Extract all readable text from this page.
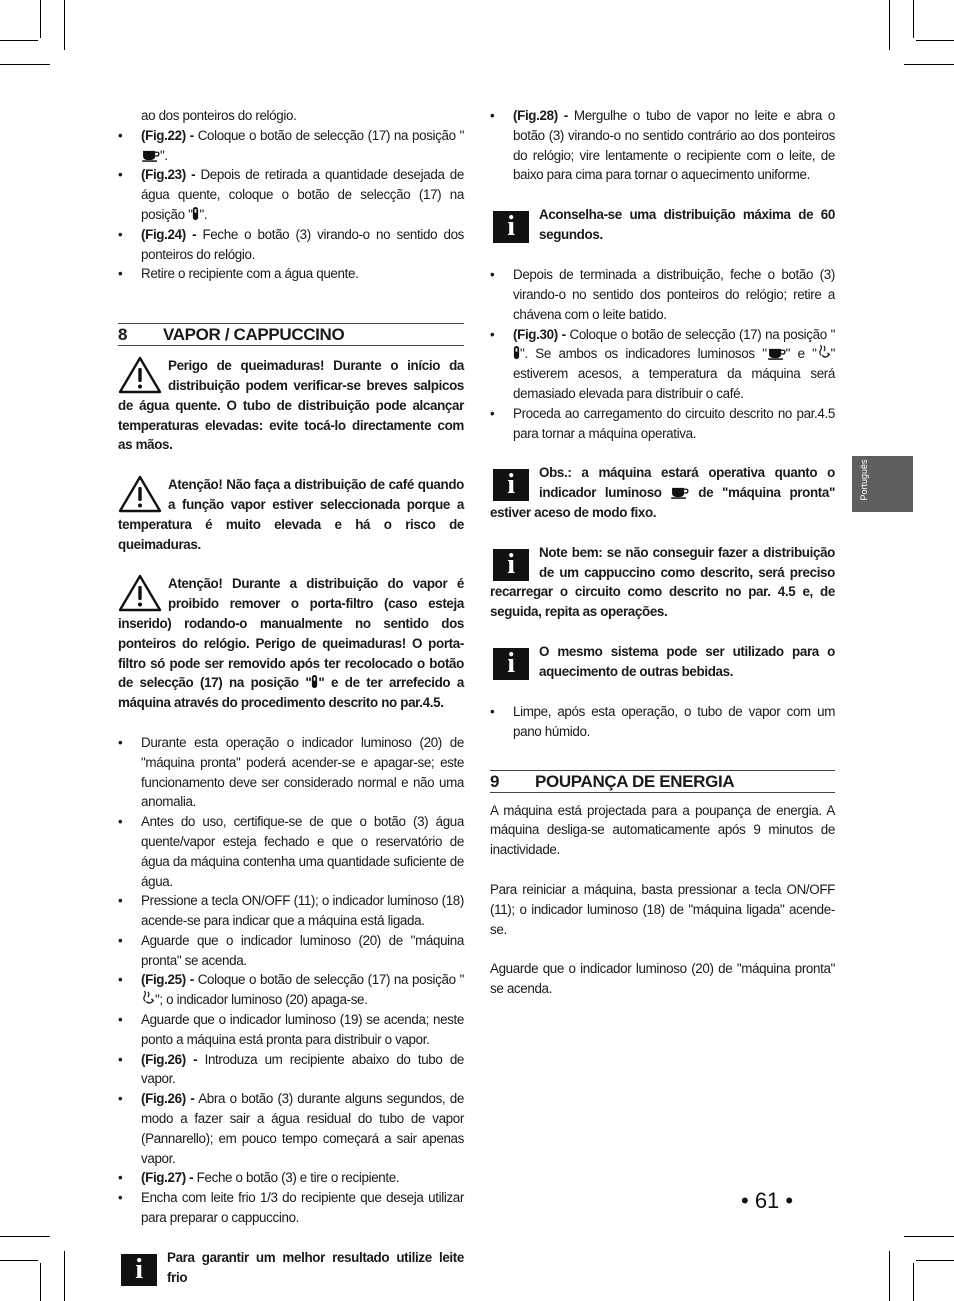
ao dos ponteiros do relógio.

• (Fig.22) - Coloque o botão de selecção (17) na posição "".
• (Fig.23) - Depois de retirada a quantidade desejada de água quente, coloque o botão de selecção (17) na posição " ".
• (Fig.24) - Feche o botão (3) virando-o no sentido dos ponteiros do relógio.
• Retire o recipiente com a água quente.
8 VAPOR / CAPPUCCINO
Perigo de queimaduras! Durante o início da distribuição podem verificar-se breves salpicos de água quente. O tubo de distribuição pode alcançar temperaturas elevadas: evite tocá-lo directamente com as mãos.
Atenção! Não faça a distribuição de café quando a função vapor estiver seleccionada porque a temperatura é muito elevada e há o risco de queimaduras.
Atenção! Durante a distribuição do vapor é proibido remover o porta-filtro (caso esteja inserido) rodando-o manualmente no sentido dos ponteiros do relógio. Perigo de queimaduras! O porta-filtro só pode ser removido após ter recolocado o botão de selecção (17) na posição " " e de ter arrefecido a máquina através do procedimento descrito no par.4.5.
• Durante esta operação o indicador luminoso (20) de "máquina pronta" poderá acender-se e apagar-se; este funcionamento deve ser considerado normal e não uma anomalia.
• Antes do uso, certifique-se de que o botão (3) água quente/vapor esteja fechado e que o reservatório de água da máquina contenha uma quantidade suficiente de água.
• Pressione a tecla ON/OFF (11); o indicador luminoso (18) acende-se para indicar que a máquina está ligada.
• Aguarde que o indicador luminoso (20) de "máquina pronta" se acenda.
• (Fig.25) - Coloque o botão de selecção (17) na posição ""; o indicador luminoso (20) apaga-se.
• Aguarde que o indicador luminoso (19) se acenda; neste ponto a máquina está pronta para distribuir o vapor.
• (Fig.26) - Introduza um recipiente abaixo do tubo de vapor.
• (Fig.26) - Abra o botão (3) durante alguns segundos, de modo a fazer sair a água residual do tubo de vapor (Pannarello); em pouco tempo começará a sair apenas vapor.
• (Fig.27) - Feche o botão (3) e tire o recipiente.
• Encha com leite frio 1/3 do recipiente que deseja utilizar para preparar o cappuccino.
i	Para garantir um melhor resultado utilize leite frio
• (Fig.28) - Mergulhe o tubo de vapor no leite e abra o botão (3) virando-o no sentido contrário ao dos ponteiros do relógio; vire lentamente o recipiente com o leite, de baixo para cima para tornar o aquecimento uniforme.
i	Aconselha-se uma distribuição máxima de 60 segundos.
• Depois de terminada a distribuição, feche o botão (3) virando-o no sentido dos ponteiros do relógio; retire a chávena com o leite batido.
• (Fig.30) - Coloque o botão de selecção (17) na posição "". Se ambos os indicadores luminosos " " e " " estiverem acesos, a temperatura da máquina será demasiado elevada para distribuir o café.
• Proceda ao carregamento do circuito descrito no par.4.5 para tornar a máquina operativa.
i	Obs.: a máquina estará operativa quanto o indicador luminoso  de "máquina pronta" estiver aceso de modo fixo.
i	Note bem: se não conseguir fazer a distribuição de um cappuccino como descrito, será preciso recarregar o circuito como descrito no par. 4.5 e, de seguida, repita as operações.
i	O mesmo sistema pode ser utilizado para o aquecimento de outras bebidas.
• Limpe, após esta operação, o tubo de vapor com um pano húmido.
9 POUPANÇA DE ENERGIA

A máquina está projectada para a poupança de energia. A máquina desliga-se automaticamente após 9 minutos de inactividade.

Para reiniciar a máquina, basta pressionar a tecla ON/OFF (11); o indicador luminoso (18) de "máquina ligada" acende-se.

Aguarde que o indicador luminoso (20) de "máquina pronta" se acenda.

Português
• 61 •
